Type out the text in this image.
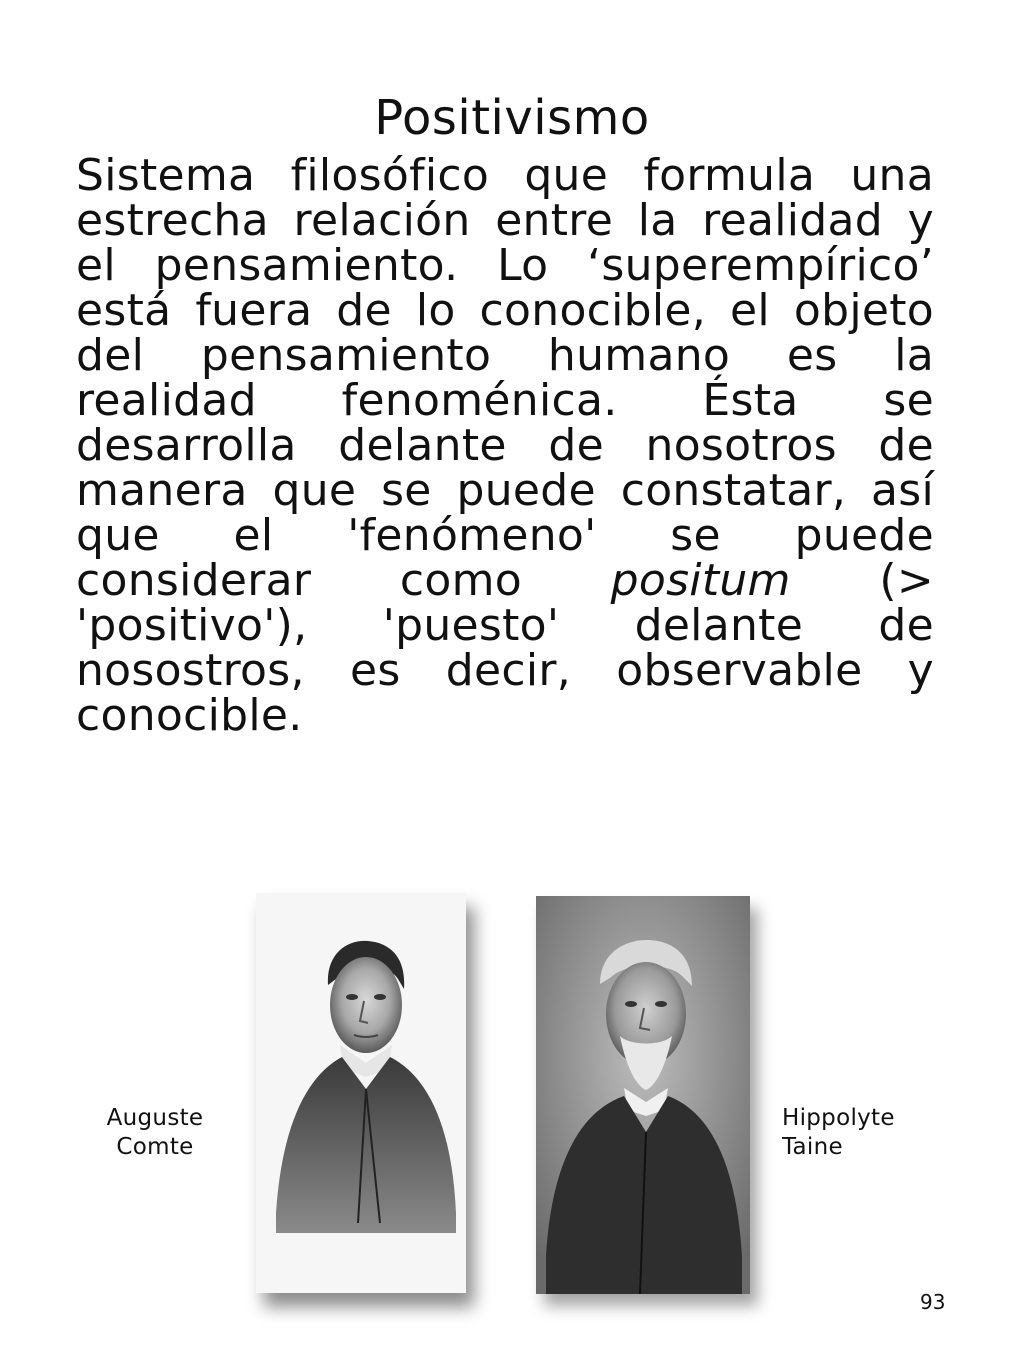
Positivismo

Sistema filosófico que formula una estrecha relación entre la realidad y el pensamiento. Lo ‘superempírico’ está fuera de lo conocible, el objeto del pensamiento humano es la realidad fenoménica. Ésta se desarrolla delante de nosotros de manera que se puede constatar, así que el 'fenómeno' se puede considerar como positum (> 'positivo'), 'puesto' delante de nosostros, es decir, observable y conocible.

Auguste
Comte
Hippolyte
Taine
93
